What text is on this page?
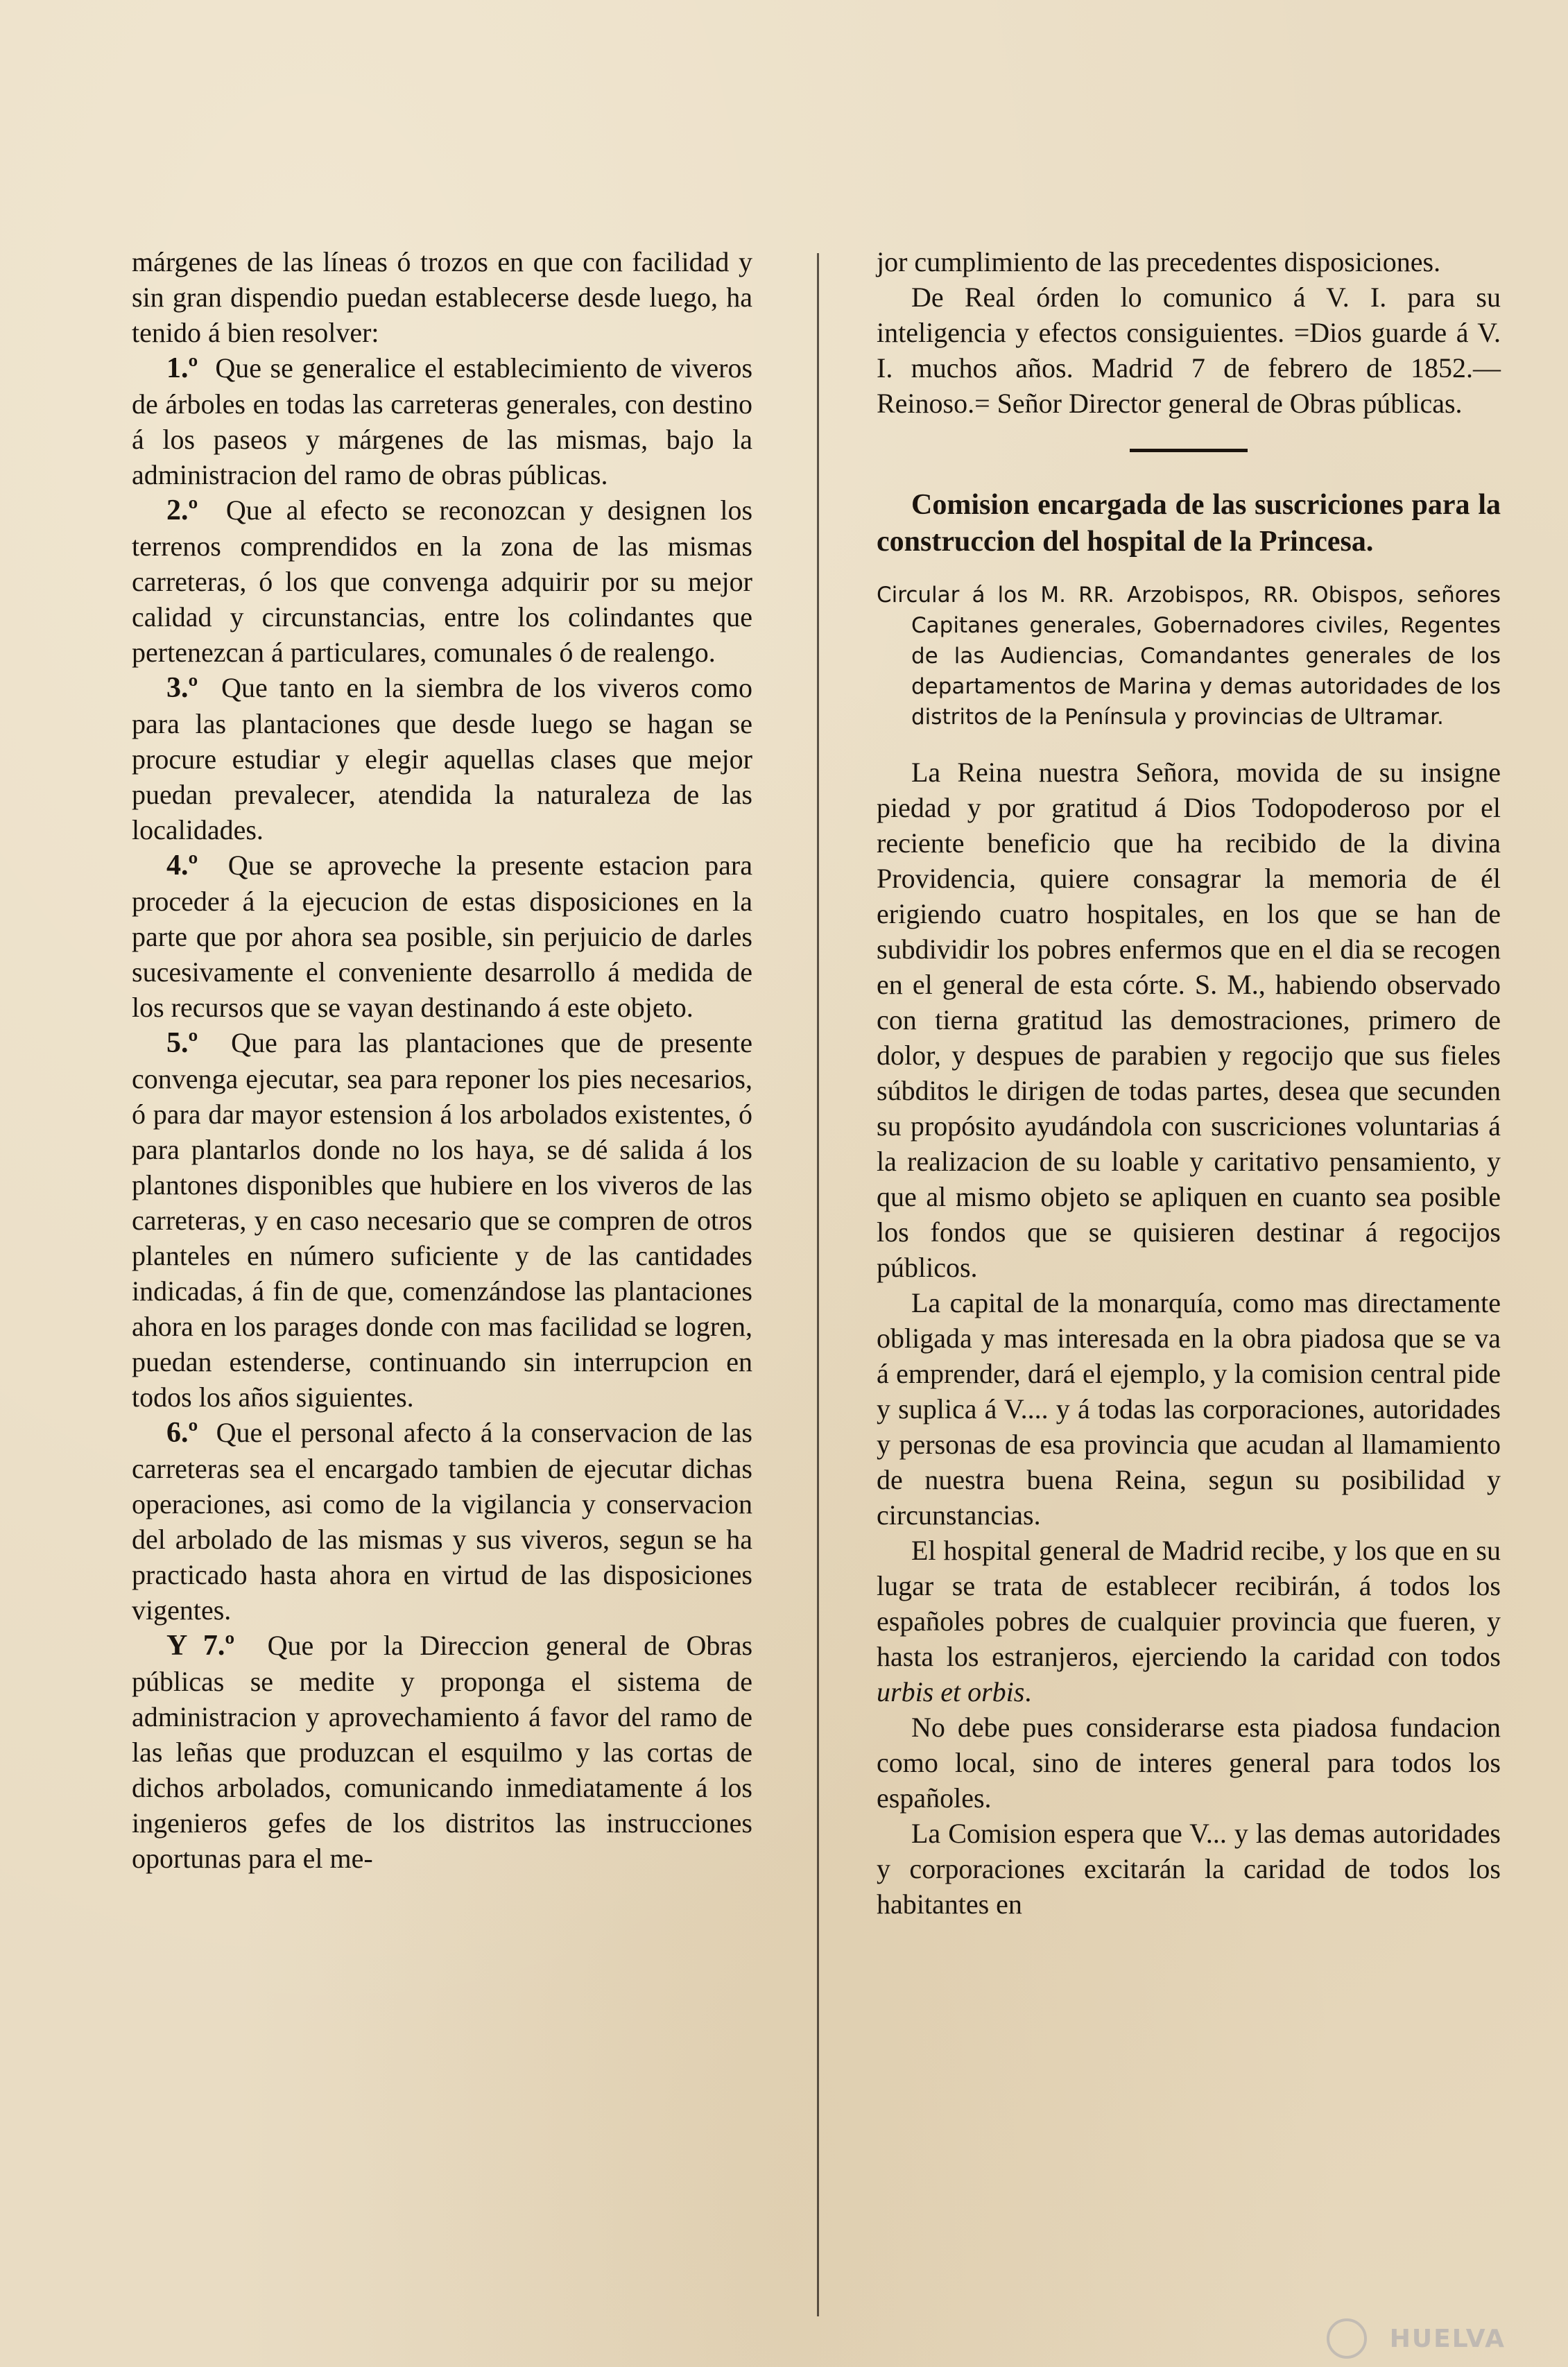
márgenes de las líneas ó trozos en que con facilidad y sin gran dispendio puedan establecerse desde luego, ha tenido á bien resolver:

1.º Que se generalice el establecimiento de viveros de árboles en todas las carreteras generales, con destino á los paseos y márgenes de las mismas, bajo la administracion del ramo de obras públicas.

2.º Que al efecto se reconozcan y designen los terrenos comprendidos en la zona de las mismas carreteras, ó los que convenga adquirir por su mejor calidad y circunstancias, entre los colindantes que pertenezcan á particulares, comunales ó de realengo.

3.º Que tanto en la siembra de los viveros como para las plantaciones que desde luego se hagan se procure estudiar y elegir aquellas clases que mejor puedan prevalecer, atendida la naturaleza de las localidades.

4.º Que se aproveche la presente estacion para proceder á la ejecucion de estas disposiciones en la parte que por ahora sea posible, sin perjuicio de darles sucesivamente el conveniente desarrollo á medida de los recursos que se vayan destinando á este objeto.

5.º Que para las plantaciones que de presente convenga ejecutar, sea para reponer los pies necesarios, ó para dar mayor estension á los arbolados existentes, ó para plantarlos donde no los haya, se dé salida á los plantones disponibles que hubiere en los viveros de las carreteras, y en caso necesario que se compren de otros planteles en número suficiente y de las cantidades indicadas, á fin de que, comenzándose las plantaciones ahora en los parages donde con mas facilidad se logren, puedan estenderse, continuando sin interrupcion en todos los años siguientes.

6.º Que el personal afecto á la conservacion de las carreteras sea el encargado tambien de ejecutar dichas operaciones, asi como de la vigilancia y conservacion del arbolado de las mismas y sus viveros, segun se ha practicado hasta ahora en virtud de las disposiciones vigentes.

Y 7.º Que por la Direccion general de Obras públicas se medite y proponga el sistema de administracion y aprovechamiento á favor del ramo de las leñas que produzcan el esquilmo y las cortas de dichos arbolados, comunicando inmediatamente á los ingenieros gefes de los distritos las instrucciones oportunas para el me-

jor cumplimiento de las precedentes disposiciones.

De Real órden lo comunico á V. I. para su inteligencia y efectos consiguientes. =Dios guarde á V. I. muchos años. Madrid 7 de febrero de 1852.—Reinoso.= Señor Director general de Obras públicas.

Comision encargada de las suscriciones para la construccion del hospital de la Princesa.

Circular á los M. RR. Arzobispos, RR. Obispos, señores Capitanes generales, Gobernadores civiles, Regentes de las Audiencias, Comandantes generales de los departamentos de Marina y demas autoridades de los distritos de la Península y provincias de Ultramar.

La Reina nuestra Señora, movida de su insigne piedad y por gratitud á Dios Todopoderoso por el reciente beneficio que ha recibido de la divina Providencia, quiere consagrar la memoria de él erigiendo cuatro hospitales, en los que se han de subdividir los pobres enfermos que en el dia se recogen en el general de esta córte. S. M., habiendo observado con tierna gratitud las demostraciones, primero de dolor, y despues de parabien y regocijo que sus fieles súbditos le dirigen de todas partes, desea que secunden su propósito ayudándola con suscriciones voluntarias á la realizacion de su loable y caritativo pensamiento, y que al mismo objeto se apliquen en cuanto sea posible los fondos que se quisieren destinar á regocijos públicos.

La capital de la monarquía, como mas directamente obligada y mas interesada en la obra piadosa que se va á emprender, dará el ejemplo, y la comision central pide y suplica á V.... y á todas las corporaciones, autoridades y personas de esa provincia que acudan al llamamiento de nuestra buena Reina, segun su posibilidad y circunstancias.

El hospital general de Madrid recibe, y los que en su lugar se trata de establecer recibirán, á todos los españoles pobres de cualquier provincia que fueren, y hasta los estranjeros, ejerciendo la caridad con todos urbis et orbis.

No debe pues considerarse esta piadosa fundacion como local, sino de interes general para todos los españoles.

La Comision espera que V... y las demas autoridades y corporaciones excitarán la caridad de todos los habitantes en

HUELVA
